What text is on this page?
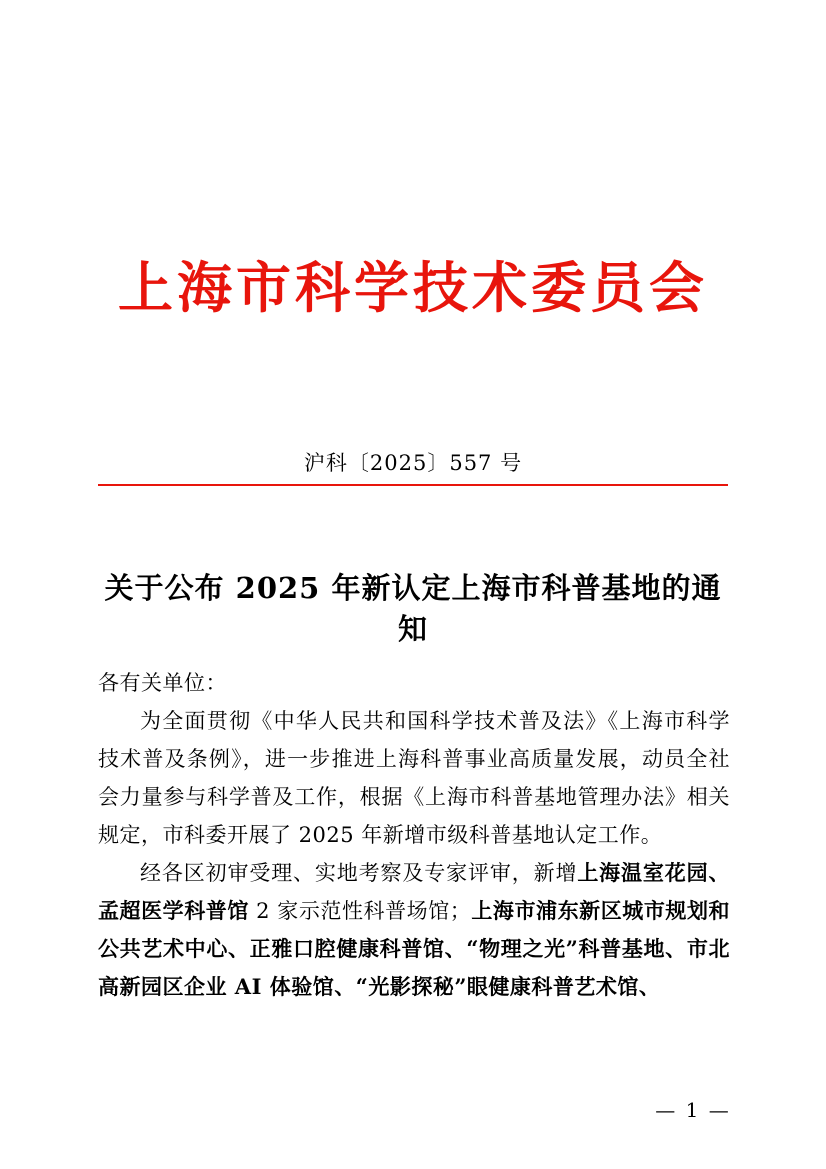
上海市科学技术委员会
沪科〔2025〕557 号
关于公布 2025 年新认定上海市科普基地的通知

各有关单位：

为全面贯彻《中华人民共和国科学技术普及法》《上海市科学技术普及条例》，进一步推进上海科普事业高质量发展，动员全社会力量参与科学普及工作，根据《上海市科普基地管理办法》相关规定，市科委开展了 2025 年新增市级科普基地认定工作。

经各区初审受理、实地考察及专家评审，新增上海温室花园、孟超医学科普馆 2 家示范性科普场馆；上海市浦东新区城市规划和公共艺术中心、正雅口腔健康科普馆、“物理之光”科普基地、市北高新园区企业 AI 体验馆、“光影探秘”眼健康科普艺术馆、

— 1 —
